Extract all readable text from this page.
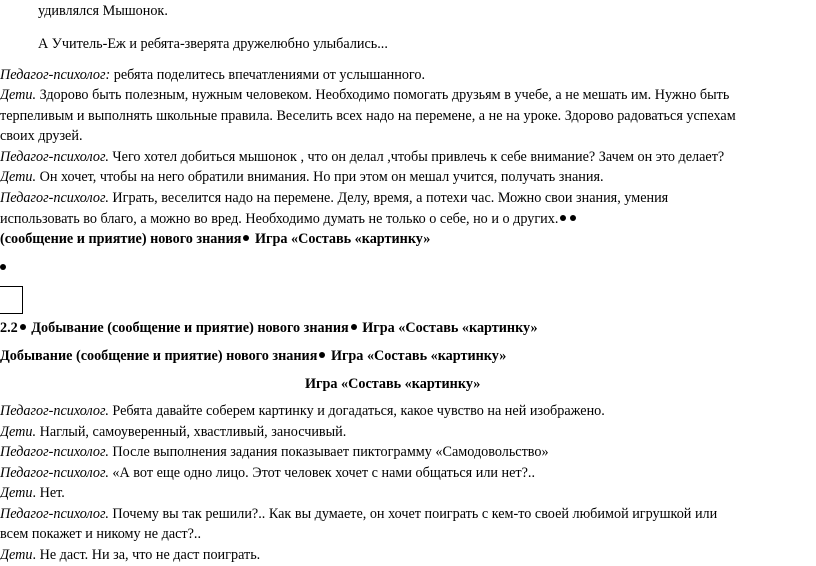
удивлялся Мышонок.
А Учитель-Еж и ребята-зверята дружелюбно улыбались...
Педагог-психолог: ребята поделитесь впечатлениями от услышанного.
Дети. Здорово быть полезным, нужным человеком. Необходимо помогать друзьям в учебе, а не мешать им. Нужно быть
терпеливым и выполнять школьные правила. Веселить всех надо на перемене, а не на уроке. Здорово радоваться успехам
своих друзей.
Педагог-психолог. Чего хотел добиться мышонок , что он делал ,чтобы привлечь к себе внимание? Зачем он это делает?
Дети. Он хочет, чтобы на него обратили внимания. Но при этом он мешал учится, получать знания.
Педагог-психолог. Играть, веселится надо на перемене. Делу, время, а потехи час. Можно свои знания, умения
использовать во благо, а можно во вред. Необходимо думать не только о себе, но и о других.
(сообщение и приятие) нового знания Игра «Составь «картинку»
2.2 Добывание (сообщение и приятие) нового знания Игра «Составь «картинку»
Добывание (сообщение и приятие) нового знания Игра «Составь «картинку»
Игра «Составь «картинку»
Педагог-психолог. Ребята давайте соберем картинку и догадаться, какое чувство на ней изображено.
Дети. Наглый, самоуверенный, хвастливый, заносчивый.
Педагог-психолог. После выполнения задания показывает пиктограмму «Самодовольство»
Педагог-психолог. «А вот еще одно лицо. Этот человек хочет с нами общаться или нет?..
Дети. Нет.
Педагог-психолог. Почему вы так решили?.. Как вы думаете, он хочет поиграть с кем-то своей любимой игрушкой или
всем покажет и никому не даст?..
Дети. Не даст. Ни за, что не даст поиграть.
